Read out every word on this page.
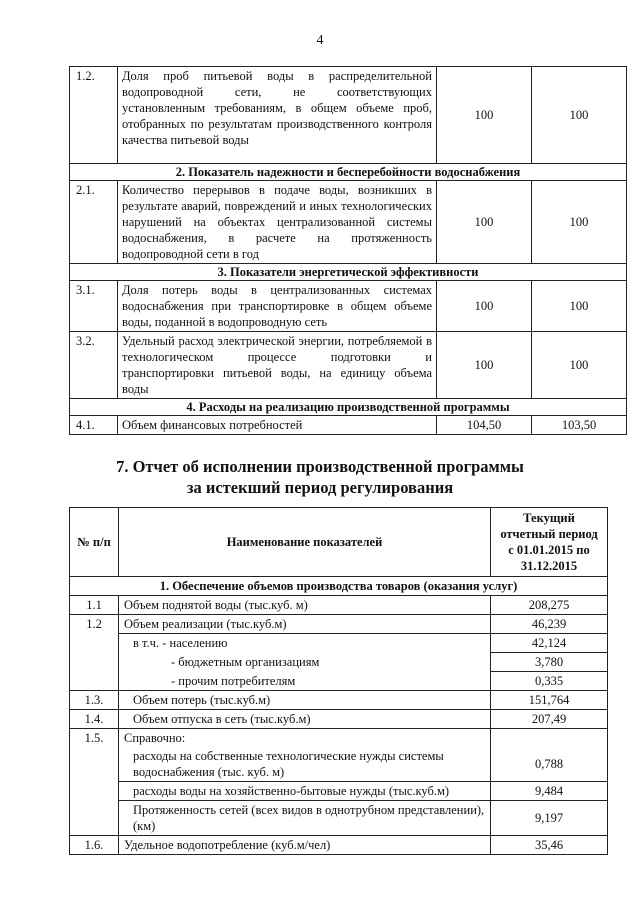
4
1.2.	Доля проб питьевой воды в распределительной водопроводной сети, не соответствующих установленным требованиям, в общем объеме проб, отобранных по результатам производственного контроля качества питьевой воды	100	100
2. Показатель надежности и бесперебойности водоснабжения			
2.1.	Количество перерывов в подаче воды, возникших в результате аварий, повреждений и иных технологических нарушений на объектах централизованной системы водоснабжения, в расчете на протяженность водопроводной сети в год	100	100
3. Показатели энергетической эффективности			
3.1.	Доля потерь воды в централизованных системах водоснабжения при транспортировке в общем объеме воды, поданной в водопроводную сеть	100	100
3.2.	Удельный расход электрической энергии, потребляемой в технологическом процессе подготовки и транспортировки питьевой воды, на единицу объема воды	100	100
4. Расходы на реализацию производственной программы			
4.1.	Объем финансовых потребностей	104,50	103,50
7. Отчет об исполнении производственной программы
за истекший период регулирования
№ п/п	Наименование показателей	Текущий отчетный период с 01.01.2015 по 31.12.2015
1. Обеспечение объемов производства товаров (оказания услуг)		
1.1	Объем поднятой воды (тыс.куб. м)	208,275
1.2	Объем реализации (тыс.куб.м)	46,239
	в т.ч. - населению	42,124
	- бюджетным организациям	3,780
	- прочим потребителям	0,335
1.3.	Объем потерь (тыс.куб.м)	151,764
1.4.	Объем отпуска в сеть (тыс.куб.м)	207,49
1.5.	Справочно:	
	расходы на собственные технологические нужды системы водоснабжения (тыс. куб. м)	0,788
	расходы воды на хозяйственно-бытовые нужды (тыс.куб.м)	9,484
	Протяженность сетей (всех видов в однотрубном представлении), (км)	9,197
1.6.	Удельное водопотребление (куб.м/чел)	35,46
